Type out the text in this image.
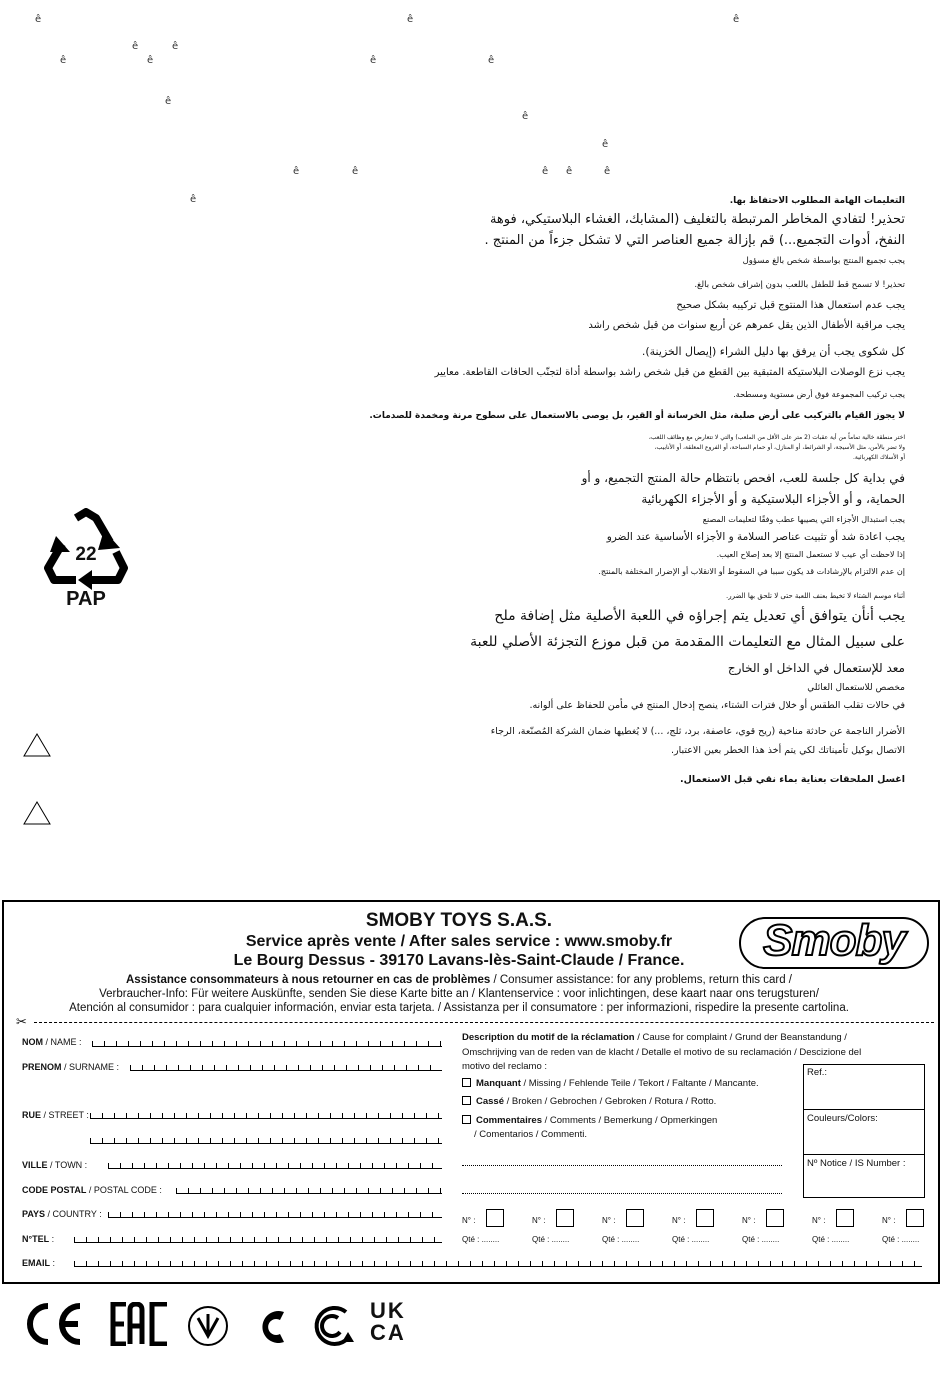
ê	ê	ê
ê	ê
ê	ê	ê	ê
ê
ê
ê
ê	ê	ê ê	ê
ê	التعليمات الهامة المطلوب الاحتفاظ بها.
تحذير! لتفادي المخاطر المرتبطة بالتغليف (المشابك، الغشاء البلاستيكي، فوهة
النفخ، أدوات التجميع...) قم بإزالة جميع العناصر التي لا تشكل جزءاً من المنتج .
يجب تجميع المنتج بواسطة شخص بالغ مسؤول
تحذير! لا تسمح قط للطفل باللعب بدون إشراف شخص بالغ.
يجب عدم استعمال هذا المنتوج قبل تركيبه بشكل صحيح
يجب مراقبة الأطفال الذين يقل عمرهم عن أربع سنوات من قبل شخص راشد
كل شكوى يجب أن يرفق بها دليل الشراء (إيصال الخزينة).
يجب نزع الوصلات البلاستيكة المتبقية بين القطع من قبل شخص راشد بواسطة أداة لتجنّب الحافات القاطعة. معايير
يجب تركيب المجموعة فوق أرض مستوية ومسطحة.
لا يجوز القيام بالتركيب على أرض صلبة، مثل الخرسانة أو القير، بل يوصى بالاستعمال على سطوح مرنة ومخمدة للصدمات.
اختر منطقة خالية تماماً من أية عقبات (2 متر على الأقل من الملعب) والتي لا تتعارض مع وظائف اللعب،
ولا تضر بالأمن، مثل الأسيجة، أو الشرائط، أو المنازل، أو حمام السباحة، أو الفروع المعلقة، أو الأنابيب،
أو الأسلاك الكهربائية.
في بداية كل جلسة للعب، افحص بانتظام حالة المنتج التجميع، و أو
الحماية، و أو الأجزاء البلاستيكية و أو الأجزاء الكهربائية
يجب استبدال الأجزاء التي يصيبها عطب وفقًا لتعليمات المصنع
يجب اعادة شد أو تثبيت عناصر السلامة و الأجزاء الأساسية عند الضرو
إذا لاحظت أي عيب لا تستعمل المنتج إلا بعد إصلاح العيب.
إن عدم الالتزام بالإرشادات قد يكون سببا في السقوط أو الانقلاب أو الإضرار المختلفة بالمنتج.
أثناء موسم الشتاء لا تخيط بعنف اللعبة حتى لا تلحق بها الضرر.
يجب أنأن يتوافق أي تعديل يتم إجراؤه في اللعبة الأصلية مثل إضافة ملح
على سبيل المثال مع التعليمات االمقدمة من قبل موزع التجزئة الأصلي للعبة
معد للإستعمال في الداخل او الخارج
مخصص للاستعمال العائلي
في حالات تقلب الطقس أو خلال فترات الشتاء، ينصح إدخال المنتج في مأمن للحفاظ على ألوانه.
الأضرار الناجمة عن حادثة مناخية (ريح قوي، عاصفة، برد، ثلج، ...) لا يُغطيها ضمان الشركة المُصنّعة، الرجاء
الاتصال بوكيل تأميناتك لكي يتم أخذ هذا الخطر بعين الاعتبار.
اغسل الملحقات بعناية بماء نقي قبل الاستعمال.
22
PAP
SMOBY TOYS S.A.S.
Service après vente / After sales service : www.smoby.fr
Le Bourg Dessus - 39170 Lavans-lès-Saint-Claude / France.
Assistance consommateurs à nous retourner en cas de problèmes / Consumer assistance: for any problems, return this card /
Verbraucher-Info: Für weitere Auskünfte, senden Sie diese Karte bitte an / Klantenservice : voor inlichtingen, dese kaart naar ons terugsturen/
Atención al consumidor : para cualquier información, enviar esta tarjeta. / Assistanza per il consumatore : per informazioni, rispedire la presente cartolina.
Smoby
✂
NOM / NAME :
PRENOM / SURNAME :
RUE / STREET :
VILLE / TOWN :
CODE POSTAL / POSTAL CODE :
PAYS / COUNTRY :
N°TEL :
EMAIL :
Description du motif de la réclamation / Cause for complaint / Grund der Beanstandung /
Omschrijving van de reden van de klacht / Detalle el motivo de su reclamación / Descizione del
motivo del reclamo :
Manquant / Missing / Fehlende Teile / Tekort / Faltante / Mancante.
Cassé / Broken / Gebrochen / Gebroken / Rotura / Rotto.
Commentaires / Comments / Bemerkung / Opmerkingen
/ Comentarios / Commenti.
Ref.:
Couleurs/Colors:
Nº Notice / IS Number :
N° :
Qté : ........
N° :
Qté : ........
N° :
Qté : ........
N° :
Qté : ........
N° :
Qté : ........
N° :
Qté : ........
N° :
Qté : ........
UK
CA
